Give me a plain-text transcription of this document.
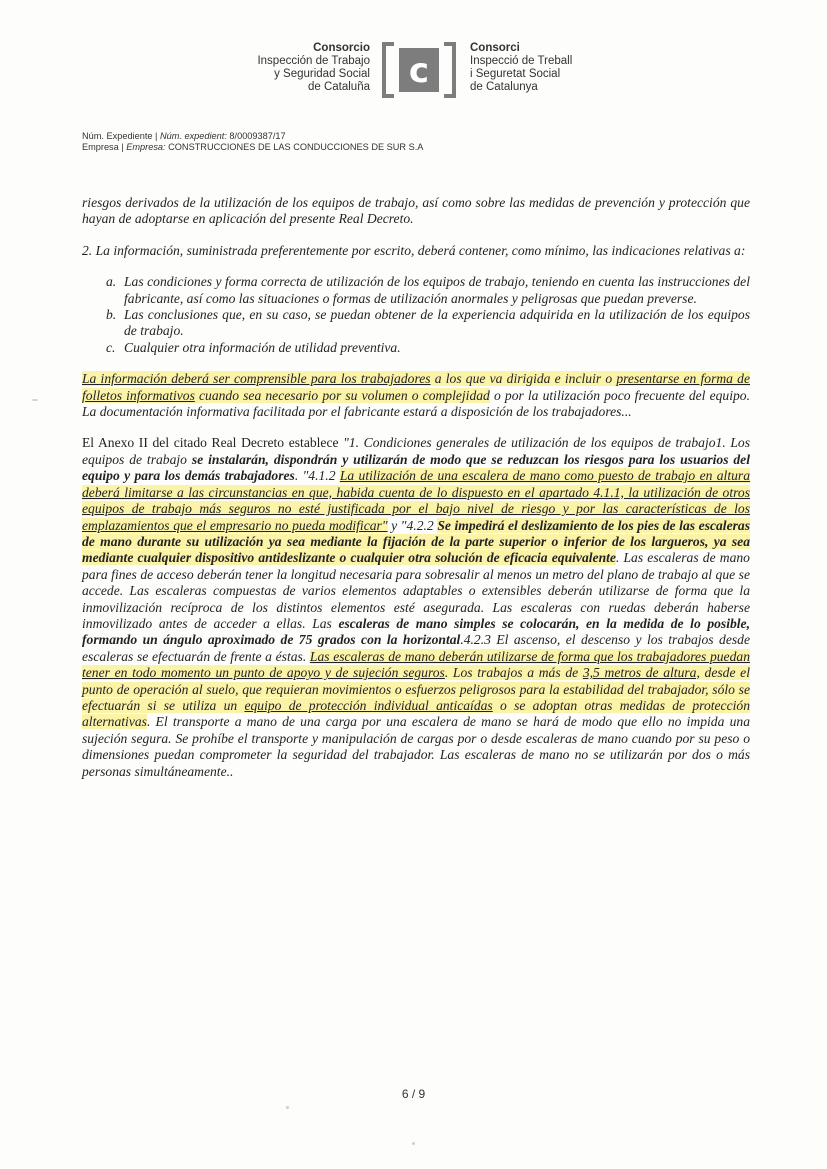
Consorcio
Inspección de Trabajo
y Seguridad Social
de Cataluña c
Consorci
Inspecció de Treball
i Seguretat Social
de Catalunya
Núm. Expediente | Núm. expedient: 8/0009387/17
Empresa | Empresa: CONSTRUCCIONES DE LAS CONDUCCIONES DE SUR S.A

riesgos derivados de la utilización de los equipos de trabajo, así como sobre las medidas de prevención y protección que hayan de adoptarse en aplicación del presente Real Decreto.

2. La información, suministrada preferentemente por escrito, deberá contener, como mínimo, las indicaciones relativas a:

a. Las condiciones y forma correcta de utilización de los equipos de trabajo, teniendo en cuenta las instrucciones del fabricante, así como las situaciones o formas de utilización anormales y peligrosas que puedan preverse.
b. Las conclusiones que, en su caso, se puedan obtener de la experiencia adquirida en la utilización de los equipos de trabajo.
c. Cualquier otra información de utilidad preventiva.

La información deberá ser comprensible para los trabajadores a los que va dirigida e incluir o presentarse en forma de folletos informativos cuando sea necesario por su volumen o complejidad o por la utilización poco frecuente del equipo. La documentación informativa facilitada por el fabricante estará a disposición de los trabajadores...

El Anexo II del citado Real Decreto establece "1. Condiciones generales de utilización de los equipos de trabajo1. Los equipos de trabajo se instalarán, dispondrán y utilizarán de modo que se reduzcan los riesgos para los usuarios del equipo y para los demás trabajadores. "4.1.2 La utilización de una escalera de mano como puesto de trabajo en altura deberá limitarse a las circunstancias en que, habida cuenta de lo dispuesto en el apartado 4.1.1, la utilización de otros equipos de trabajo más seguros no esté justificada por el bajo nivel de riesgo y por las características de los emplazamientos que el empresario no pueda modificar" y "4.2.2 Se impedirá el deslizamiento de los pies de las escaleras de mano durante su utilización ya sea mediante la fijación de la parte superior o inferior de los largueros, ya sea mediante cualquier dispositivo antideslizante o cualquier otra solución de eficacia equivalente. Las escaleras de mano para fines de acceso deberán tener la longitud necesaria para sobresalir al menos un metro del plano de trabajo al que se accede. Las escaleras compuestas de varios elementos adaptables o extensibles deberán utilizarse de forma que la inmovilización recíproca de los distintos elementos esté asegurada. Las escaleras con ruedas deberán haberse inmovilizado antes de acceder a ellas. Las escaleras de mano simples se colocarán, en la medida de lo posible, formando un ángulo aproximado de 75 grados con la horizontal.4.2.3 El ascenso, el descenso y los trabajos desde escaleras se efectuarán de frente a éstas. Las escaleras de mano deberán utilizarse de forma que los trabajadores puedan tener en todo momento un punto de apoyo y de sujeción seguros. Los trabajos a más de 3,5 metros de altura, desde el punto de operación al suelo, que requieran movimientos o esfuerzos peligrosos para la estabilidad del trabajador, sólo se efectuarán si se utiliza un equipo de protección individual anticaídas o se adoptan otras medidas de protección alternativas. El transporte a mano de una carga por una escalera de mano se hará de modo que ello no impida una sujeción segura. Se prohíbe el transporte y manipulación de cargas por o desde escaleras de mano cuando por su peso o dimensiones puedan comprometer la seguridad del trabajador. Las escaleras de mano no se utilizarán por dos o más personas simultáneamente..

6 / 9
